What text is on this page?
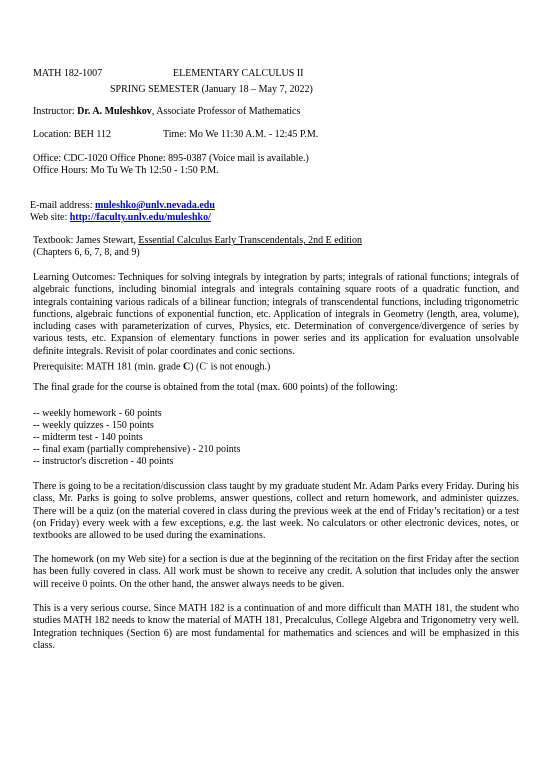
MATH 182-1007	ELEMENTARY CALCULUS II
SPRING SEMESTER (January 18 – May 7, 2022)
Instructor: Dr. A. Muleshkov, Associate Professor of Mathematics
Location: BEH 112	Time: Mo We 11:30 A.M. - 12:45 P.M.
Office: CDC-1020 Office Phone: 895-0387 (Voice mail is available.)
Office Hours: Mo Tu We Th 12:50 - 1:50 P.M.
E-mail address: muleshko@unlv.nevada.edu
Web site: http://faculty.unlv.edu/muleshko/
Textbook: James Stewart, Essential Calculus Early Transcendentals, 2nd E edition
(Chapters 6, 6, 7, 8, and 9)
Learning Outcomes: Techniques for solving integrals by integration by parts; integrals of rational functions; integrals of algebraic functions, including binomial integrals and integrals containing square roots of a quadratic function, and integrals containing various radicals of a bilinear function; integrals of transcendental functions, including trigonometric functions, algebraic functions of exponential function, etc. Application of integrals in Geometry (length, area, volume), including cases with parameterization of curves, Physics, etc. Determination of convergence/divergence of series by various tests, etc. Expansion of elementary functions in power series and its application for evaluation unsolvable definite integrals. Revisit of polar coordinates and conic sections.
Prerequisite: MATH 181 (min. grade C) (C- is not enough.)
The final grade for the course is obtained from the total (max. 600 points) of the following:
-- weekly homework - 60 points
-- weekly quizzes - 150 points
-- midterm test - 140 points
-- final exam (partially comprehensive) - 210 points
-- instructor's discretion - 40 points
There is going to be a recitation/discussion class taught by my graduate student Mr. Adam Parks every Friday. During his class, Mr. Parks is going to solve problems, answer questions, collect and return homework, and administer quizzes. There will be a quiz (on the material covered in class during the previous week at the end of Friday’s recitation) or a test (on Friday) every week with a few exceptions, e.g. the last week. No calculators or other electronic devices, notes, or textbooks are allowed to be used during the examinations.
The homework (on my Web site) for a section is due at the beginning of the recitation on the first Friday after the section has been fully covered in class. All work must be shown to receive any credit. A solution that includes only the answer will receive 0 points. On the other hand, the answer always needs to be given.
This is a very serious course. Since MATH 182 is a continuation of and more difficult than MATH 181, the student who studies MATH 182 needs to know the material of MATH 181, Precalculus, College Algebra and Trigonometry very well. Integration techniques (Section 6) are most fundamental for mathematics and sciences and will be emphasized in this class.
